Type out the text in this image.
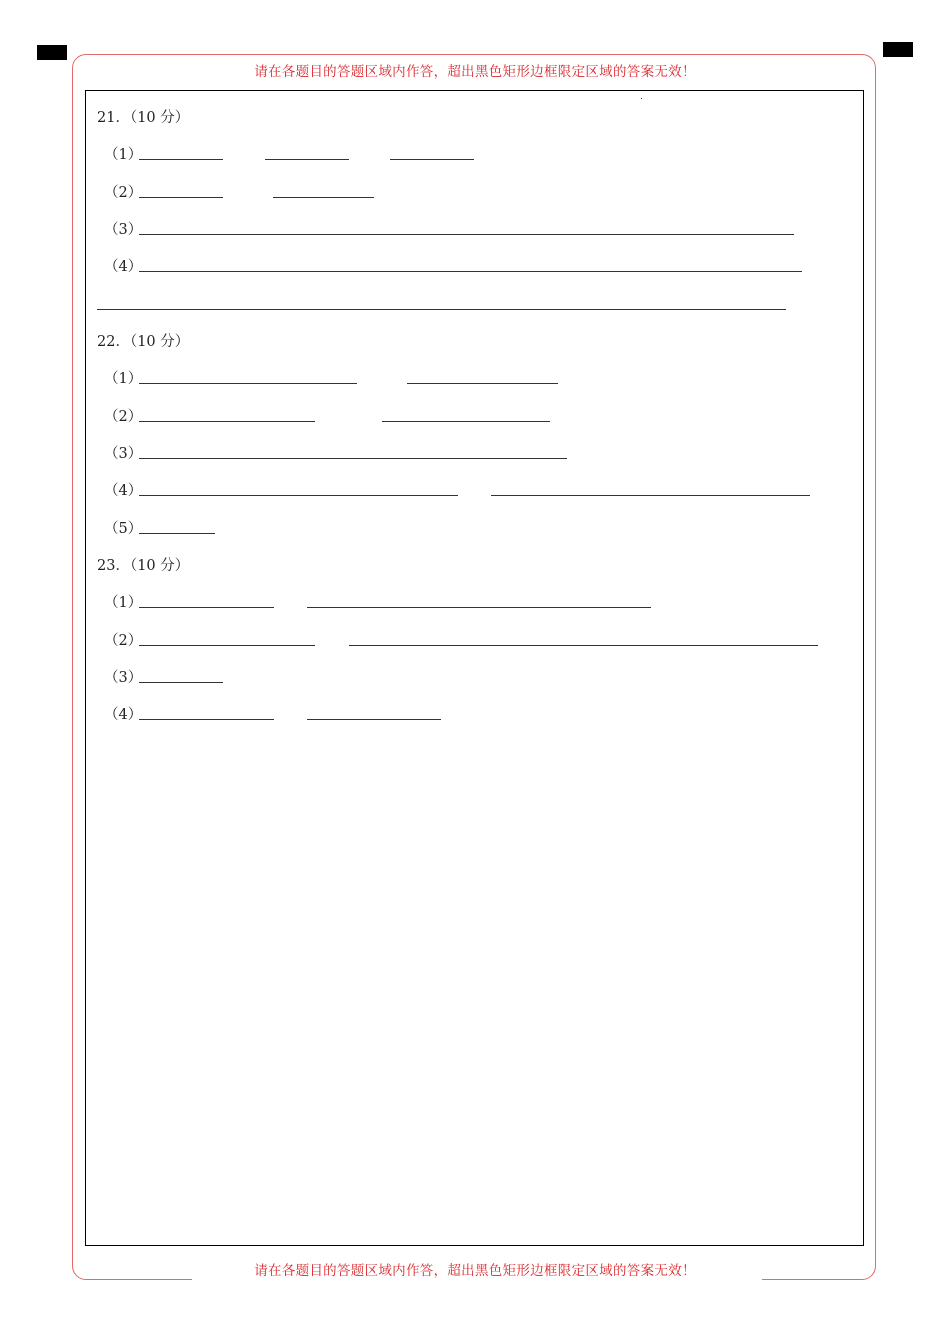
请在各题目的答题区域内作答，超出黑色矩形边框限定区域的答案无效！
请在各题目的答题区域内作答，超出黑色矩形边框限定区域的答案无效！
21．（10 分）
（1）
（2）
（3）
（4）
22．（10 分）
（1）
（2）
（3）
（4）
（5）
23．（10 分）
（1）
（2）
（3）
（4）
